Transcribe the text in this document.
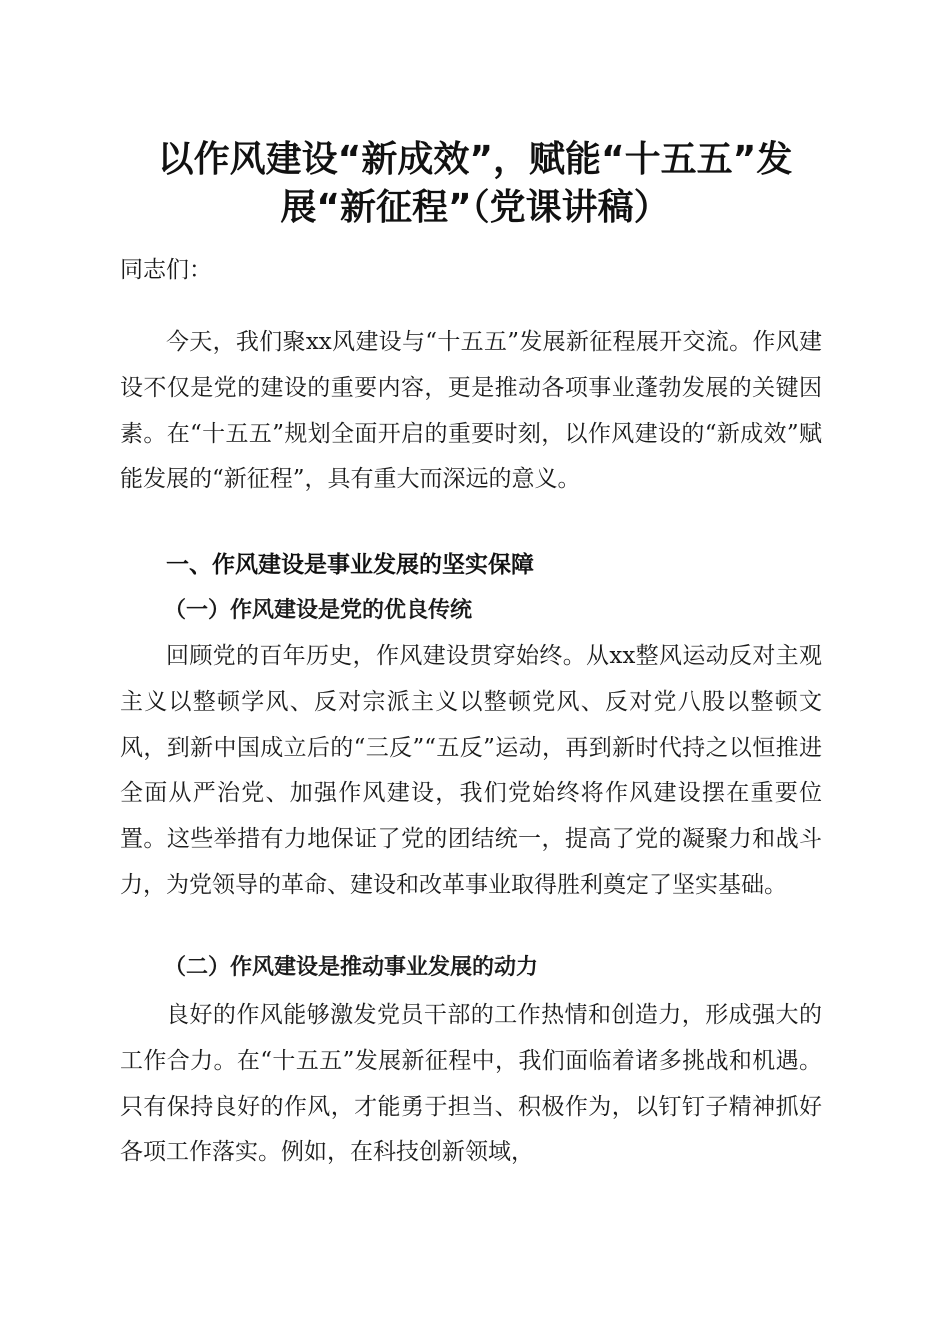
以作风建设“新成效”，赋能“十五五”发
展“新征程”（党课讲稿）

同志们：

今天，我们聚xx风建设与“十五五”发展新征程展开交流。作风建设不仅是党的建设的重要内容，更是推动各项事业蓬勃发展的关键因素。在“十五五”规划全面开启的重要时刻，以作风建设的“新成效”赋能发展的“新征程”，具有重大而深远的意义。

一、作风建设是事业发展的坚实保障
（一）作风建设是党的优良传统

回顾党的百年历史，作风建设贯穿始终。从xx整风运动反对主观主义以整顿学风、反对宗派主义以整顿党风、反对党八股以整顿文风，到新中国成立后的“三反”“五反”运动，再到新时代持之以恒推进全面从严治党、加强作风建设，我们党始终将作风建设摆在重要位置。这些举措有力地保证了党的团结统一，提高了党的凝聚力和战斗力，为党领导的革命、建设和改革事业取得胜利奠定了坚实基础。

（二）作风建设是推动事业发展的动力

良好的作风能够激发党员干部的工作热情和创造力，形成强大的工作合力。在“十五五”发展新征程中，我们面临着诸多挑战和机遇。只有保持良好的作风，才能勇于担当、积极作为，以钉钉子精神抓好各项工作落实。例如，在科技创新领域，
